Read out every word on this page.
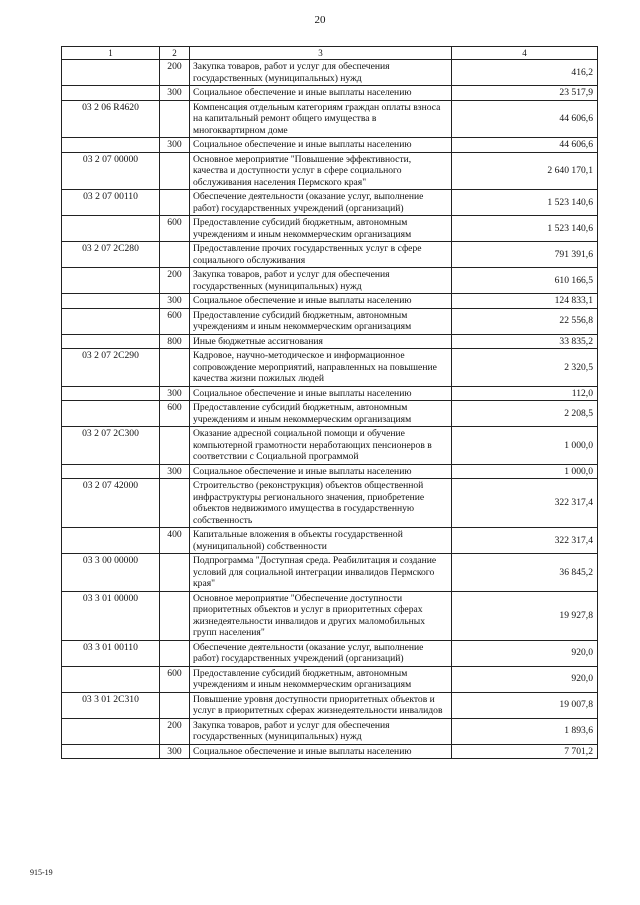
20
1	2	3	4
	200	Закупка товаров, работ и услуг для обеспечения государственных (муниципальных) нужд	416,2
	300	Социальное обеспечение и иные выплаты населению	23 517,9
03 2 06 R4620		Компенсация отдельным категориям граждан оплаты взноса на капитальный ремонт общего имущества в многоквартирном доме	44 606,6
	300	Социальное обеспечение и иные выплаты населению	44 606,6
03 2 07 00000		Основное мероприятие "Повышение эффективности, качества и доступности услуг в сфере социального обслуживания населения Пермского края"	2 640 170,1
03 2 07 00110		Обеспечение деятельности (оказание услуг, выполнение работ) государственных учреждений (организаций)	1 523 140,6
	600	Предоставление субсидий бюджетным, автономным учреждениям и иным некоммерческим организациям	1 523 140,6
03 2 07 2С280		Предоставление прочих государственных услуг в сфере социального обслуживания	791 391,6
	200	Закупка товаров, работ и услуг для обеспечения государственных (муниципальных) нужд	610 166,5
	300	Социальное обеспечение и иные выплаты населению	124 833,1
	600	Предоставление субсидий бюджетным, автономным учреждениям и иным некоммерческим организациям	22 556,8
	800	Иные бюджетные ассигнования	33 835,2
03 2 07 2С290		Кадровое, научно-методическое и информационное сопровождение мероприятий, направленных на повышение качества жизни пожилых людей	2 320,5
	300	Социальное обеспечение и иные выплаты населению	112,0
	600	Предоставление субсидий бюджетным, автономным учреждениям и иным некоммерческим организациям	2 208,5
03 2 07 2С300		Оказание адресной социальной помощи и обучение компьютерной грамотности неработающих пенсионеров в соответствии с Социальной программой	1 000,0
	300	Социальное обеспечение и иные выплаты населению	1 000,0
03 2 07 42000		Строительство (реконструкция) объектов общественной инфраструктуры регионального значения, приобретение объектов недвижимого имущества в государственную собственность	322 317,4
	400	Капитальные вложения в объекты государственной (муниципальной) собственности	322 317,4
03 3 00 00000		Подпрограмма "Доступная среда. Реабилитация и создание условий для социальной интеграции инвалидов Пермского края"	36 845,2
03 3 01 00000		Основное мероприятие "Обеспечение доступности приоритетных объектов и услуг в приоритетных сферах жизнедеятельности инвалидов и других маломобильных групп населения"	19 927,8
03 3 01 00110		Обеспечение деятельности (оказание услуг, выполнение работ) государственных учреждений (организаций)	920,0
	600	Предоставление субсидий бюджетным, автономным учреждениям и иным некоммерческим организациям	920,0
03 3 01 2С310		Повышение уровня доступности приоритетных объектов и услуг в приоритетных сферах жизнедеятельности инвалидов	19 007,8
	200	Закупка товаров, работ и услуг для обеспечения государственных (муниципальных) нужд	1 893,6
	300	Социальное обеспечение и иные выплаты населению	7 701,2
915-19
